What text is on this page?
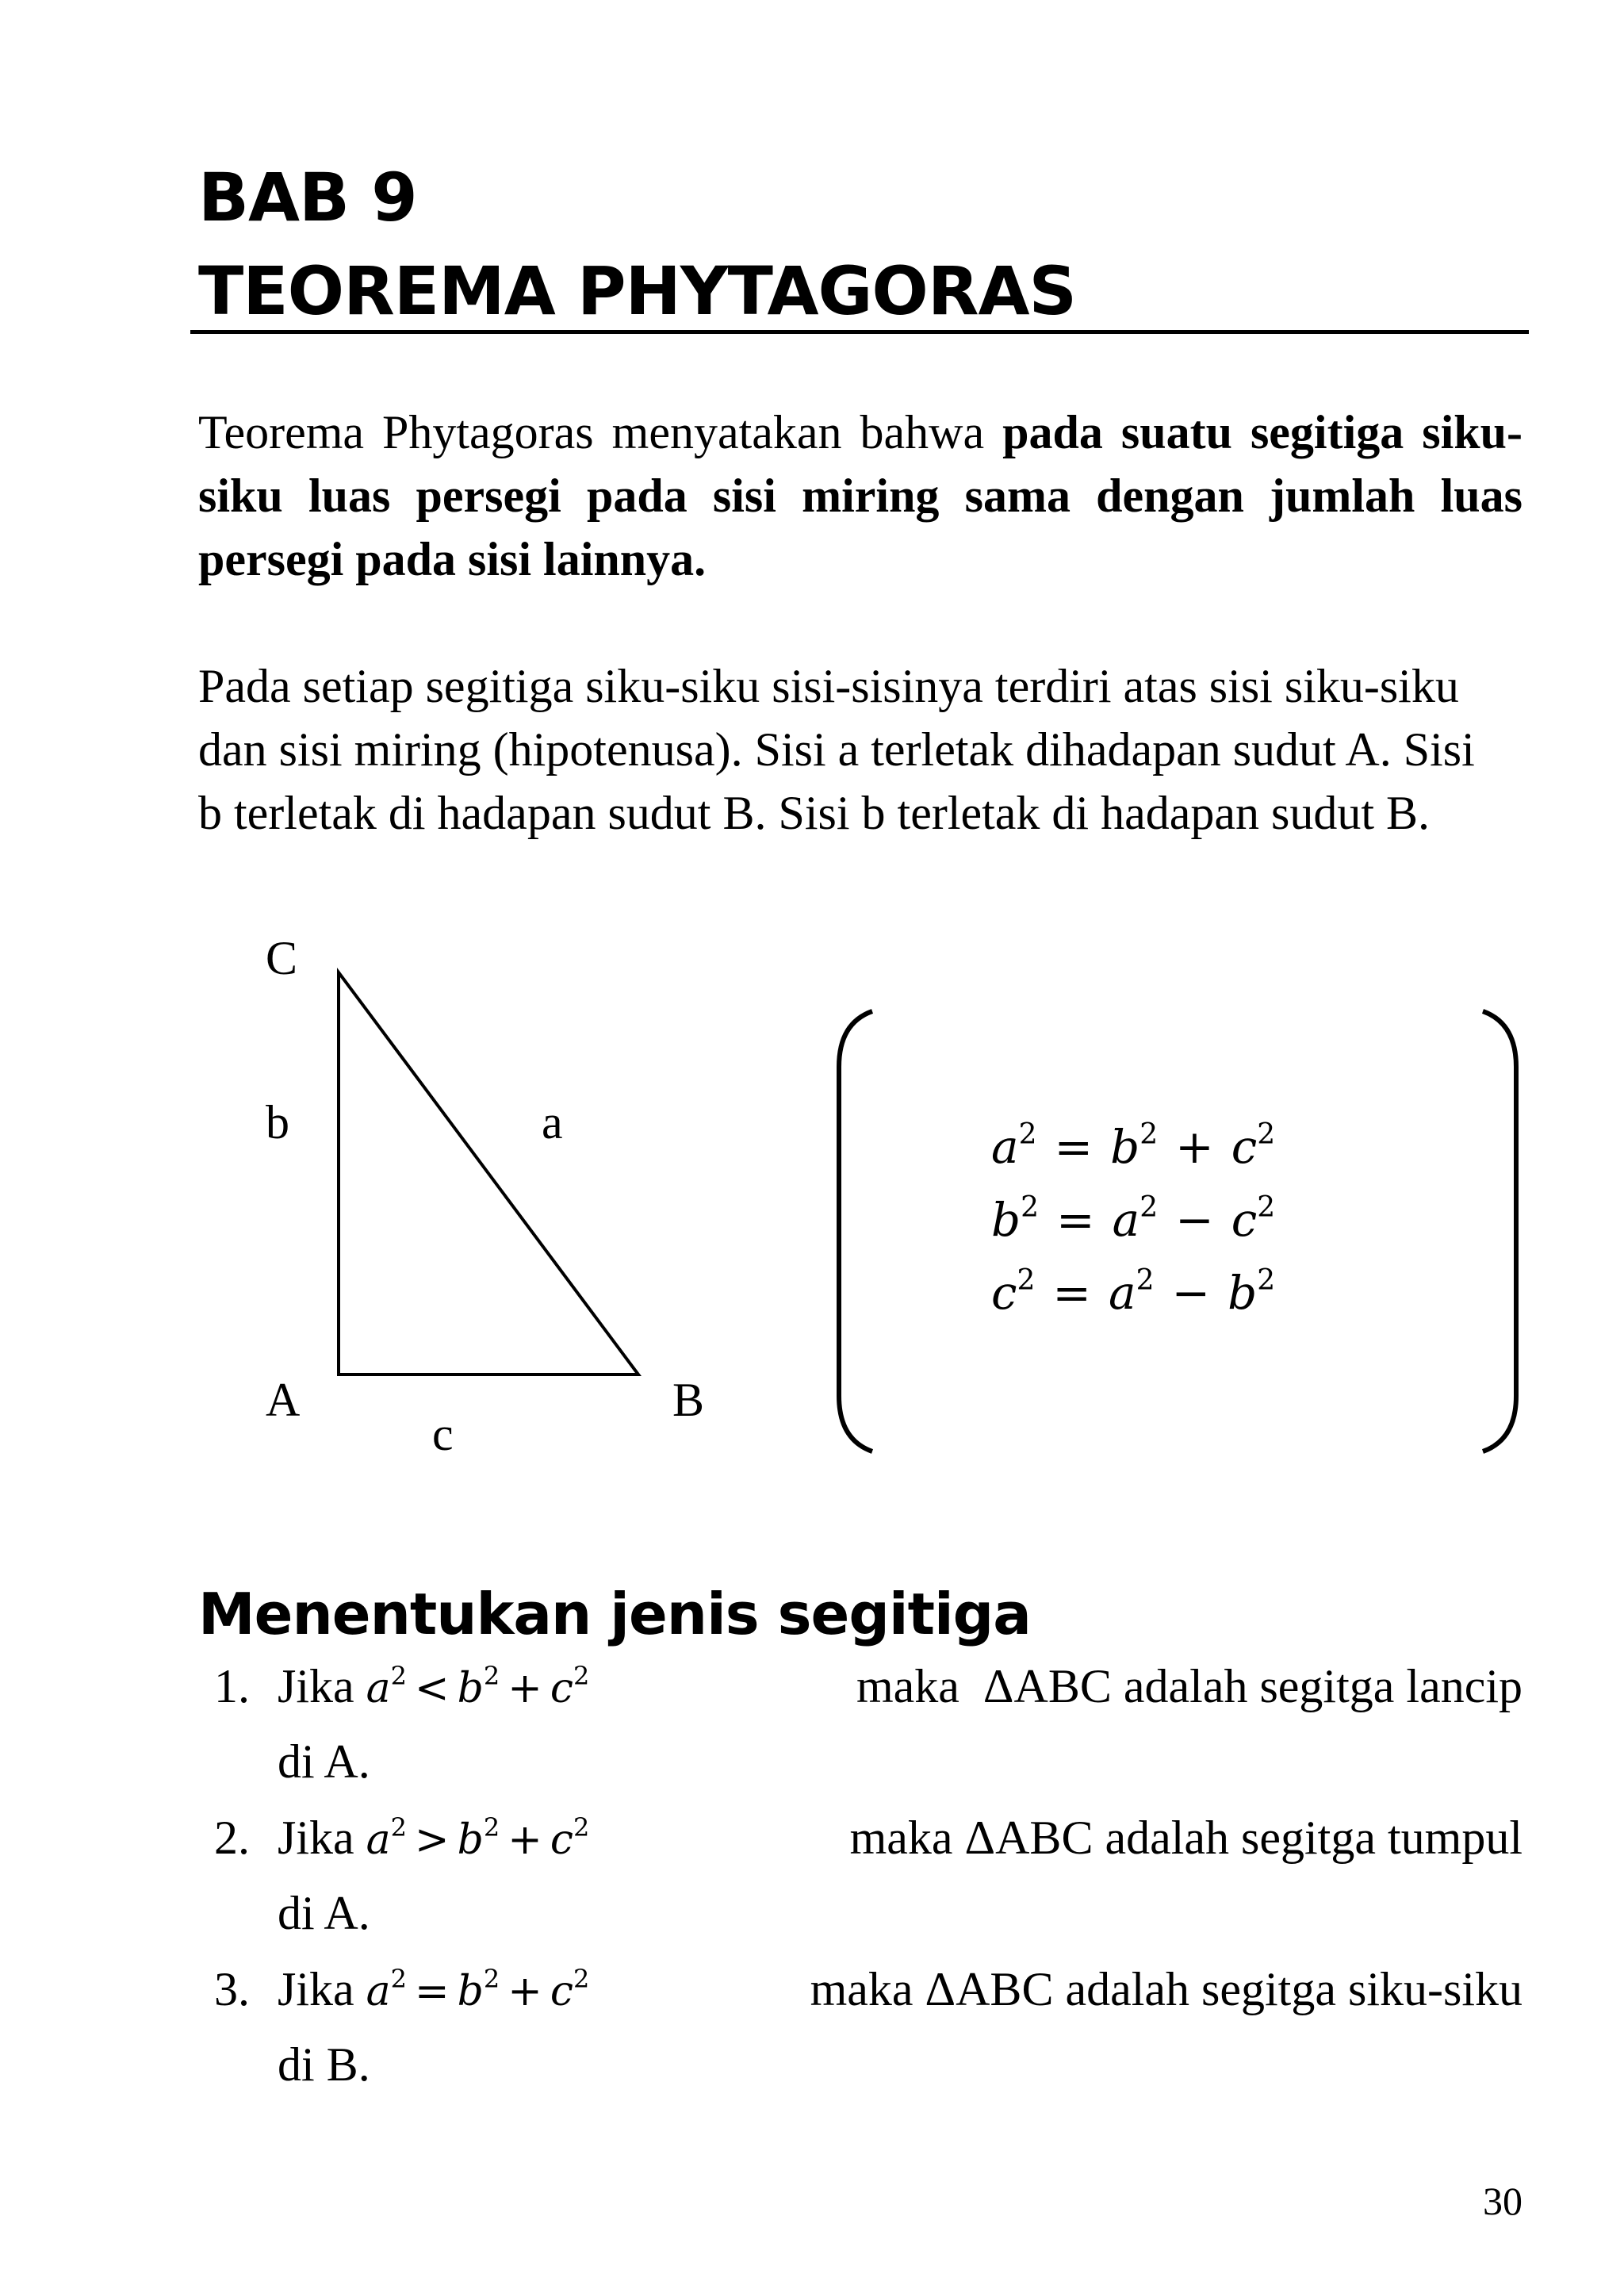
BAB 9
TEOREMA PHYTAGORAS

Teorema Phytagoras menyatakan bahwa pada suatu segitiga siku-siku luas persegi pada sisi miring sama dengan jumlah luas persegi pada sisi lainnya.

Pada setiap segitiga siku-siku sisi-sisinya terdiri atas sisi siku-siku dan sisi miring (hipotenusa). Sisi a terletak dihadapan sudut A. Sisi b terletak di hadapan sudut B. Sisi b terletak di hadapan sudut B.

C
b	a
A	B
c
$a^2 = b^2 + c^2$
$b^2 = a^2 - c^2$
$c^2 = a^2 - b^2$
Menentukan jenis segitiga
1. Jika $a^2 < b^2 + c^2$	maka  ΔABC adalah segitga lancip
di A.
2. Jika $a^2 > b^2 + c^2$	maka ΔABC adalah segitga tumpul
di A.
3. Jika $a^2 = b^2 + c^2$	maka ΔABC adalah segitga siku-siku
di B.
30
